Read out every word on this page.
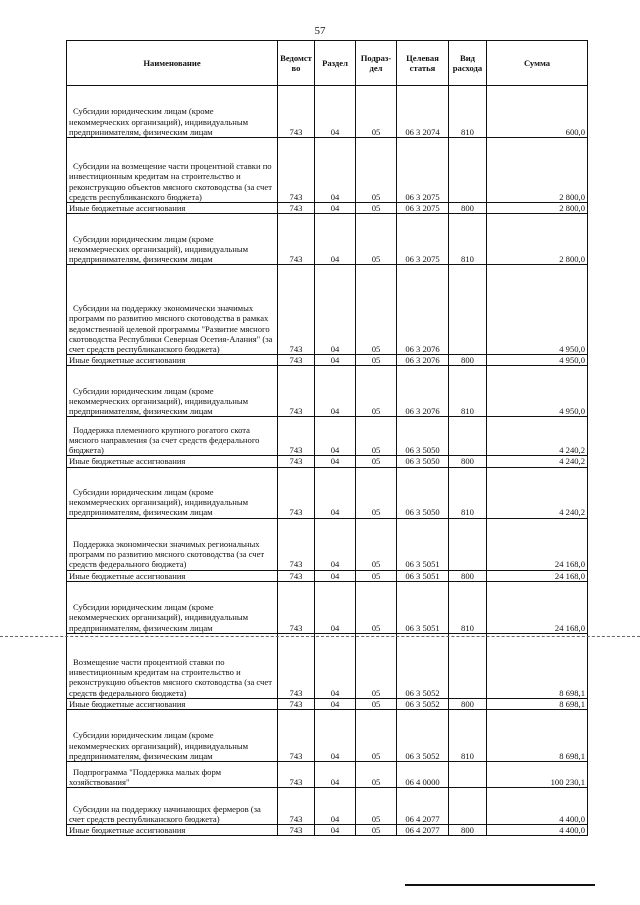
57
Наименование	Ведомст во	Раздел	Подраз- дел	Целевая статья	Вид расхода	Сумма
Субсидии юридическим лицам (кроме некоммерческих организаций), индивидуальным предпринимателям, физическим лицам	743	04	05	06 3 2074	810	600,0
Субсидии на возмещение части процентной ставки по инвестиционным кредитам на строительство и реконструкцию объектов мясного скотоводства (за счет средств республиканского бюджета)	743	04	05	06 3 2075		2 800,0
Иные бюджетные ассигнования	743	04	05	06 3 2075	800	2 800,0
Субсидии юридическим лицам (кроме некоммерческих организаций), индивидуальным предпринимателям, физическим лицам	743	04	05	06 3 2075	810	2 800,0
Субсидии на поддержку экономически значимых программ по развитию мясного скотоводства в рамках ведомственной целевой программы "Развитие мясного скотоводства Республики Северная Осетия-Алания" (за счет средств республиканского бюджета)	743	04	05	06 3 2076		4 950,0
Иные бюджетные ассигнования	743	04	05	06 3 2076	800	4 950,0
Субсидии юридическим лицам (кроме некоммерческих организаций), индивидуальным предпринимателям, физическим лицам	743	04	05	06 3 2076	810	4 950,0
Поддержка племенного крупного рогатого скота мясного направления (за счет средств федерального бюджета)	743	04	05	06 3 5050		4 240,2
Иные бюджетные ассигнования	743	04	05	06 3 5050	800	4 240,2
Субсидии юридическим лицам (кроме некоммерческих организаций), индивидуальным предпринимателям, физическим лицам	743	04	05	06 3 5050	810	4 240,2
Поддержка экономически значимых региональных программ по развитию мясного скотоводства (за счет средств федерального бюджета)	743	04	05	06 3 5051		24 168,0
Иные бюджетные ассигнования	743	04	05	06 3 5051	800	24 168,0
Субсидии юридическим лицам (кроме некоммерческих организаций), индивидуальным предпринимателям, физическим лицам	743	04	05	06 3 5051	810	24 168,0
Возмещение части процентной ставки по инвестиционным кредитам на строительство и реконструкцию объектов мясного скотоводства (за счет средств федерального бюджета)	743	04	05	06 3 5052		8 698,1
Иные бюджетные ассигнования	743	04	05	06 3 5052	800	8 698,1
Субсидии юридическим лицам (кроме некоммерческих организаций), индивидуальным предпринимателям, физическим лицам	743	04	05	06 3 5052	810	8 698,1
Подпрограмма "Поддержка малых форм хозяйствования"	743	04	05	06 4 0000		100 230,1
Субсидии на поддержку начинающих фермеров (за счет средств республиканского бюджета)	743	04	05	06 4 2077		4 400,0
Иные бюджетные ассигнования	743	04	05	06 4 2077	800	4 400,0
